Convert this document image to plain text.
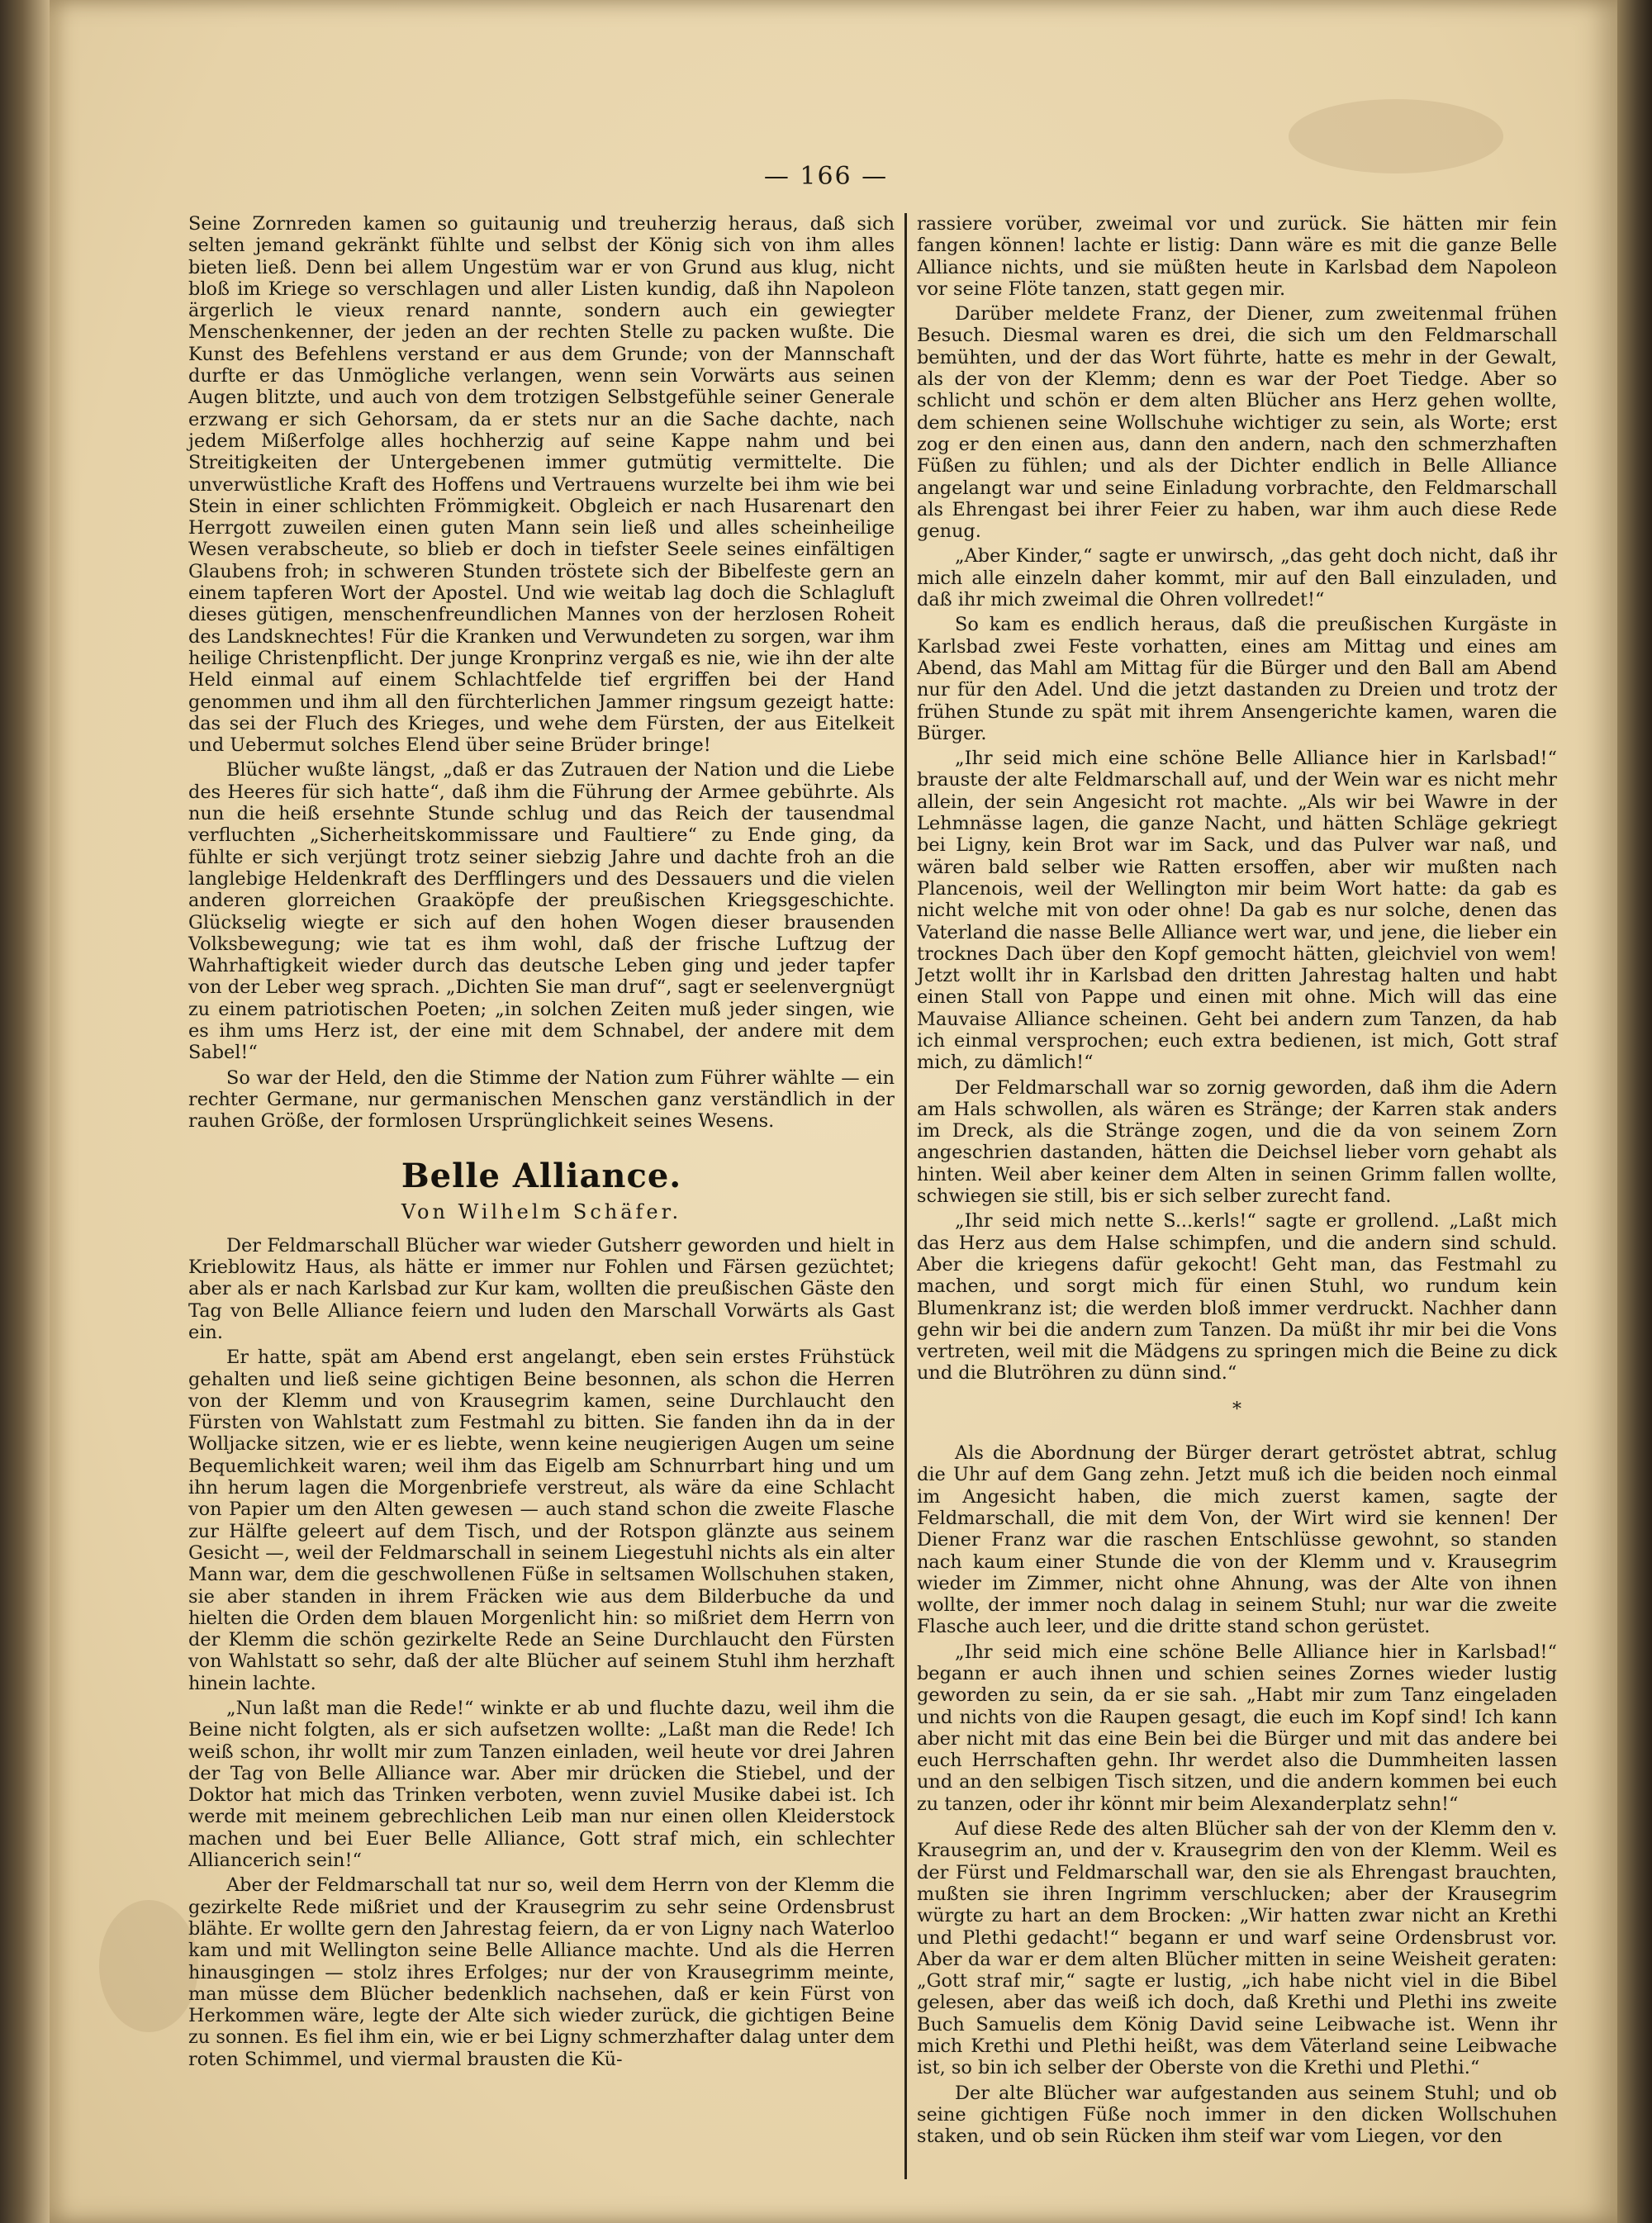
— 166 —

Seine Zornreden kamen so guitaunig und treuherzig heraus, daß sich selten jemand gekränkt fühlte und selbst der König sich von ihm alles bieten ließ. Denn bei allem Ungestüm war er von Grund aus klug, nicht bloß im Kriege so verschlagen und aller Listen kundig, daß ihn Napoleon ärgerlich le vieux renard nannte, sondern auch ein gewiegter Menschenkenner, der jeden an der rechten Stelle zu packen wußte. Die Kunst des Befehlens verstand er aus dem Grunde; von der Mannschaft durfte er das Unmögliche verlangen, wenn sein Vorwärts aus seinen Augen blitzte, und auch von dem trotzigen Selbstgefühle seiner Generale erzwang er sich Gehorsam, da er stets nur an die Sache dachte, nach jedem Mißerfolge alles hochherzig auf seine Kappe nahm und bei Streitigkeiten der Untergebenen immer gutmütig vermittelte. Die unverwüstliche Kraft des Hoffens und Vertrauens wurzelte bei ihm wie bei Stein in einer schlichten Frömmigkeit. Obgleich er nach Husarenart den Herrgott zuweilen einen guten Mann sein ließ und alles scheinheilige Wesen verabscheute, so blieb er doch in tiefster Seele seines einfältigen Glaubens froh; in schweren Stunden tröstete sich der Bibelfeste gern an einem tapferen Wort der Apostel. Und wie weitab lag doch die Schlagluft dieses gütigen, menschenfreundlichen Mannes von der herzlosen Roheit des Landsknechtes! Für die Kranken und Verwundeten zu sorgen, war ihm heilige Christenpflicht. Der junge Kronprinz vergaß es nie, wie ihn der alte Held einmal auf einem Schlachtfelde tief ergriffen bei der Hand genommen und ihm all den fürchterlichen Jammer ringsum gezeigt hatte: das sei der Fluch des Krieges, und wehe dem Fürsten, der aus Eitelkeit und Uebermut solches Elend über seine Brüder bringe!

Blücher wußte längst, „daß er das Zutrauen der Nation und die Liebe des Heeres für sich hatte“, daß ihm die Führung der Armee gebührte. Als nun die heiß ersehnte Stunde schlug und das Reich der tausendmal verfluchten „Sicherheitskommissare und Faultiere“ zu Ende ging, da fühlte er sich verjüngt trotz seiner siebzig Jahre und dachte froh an die langlebige Heldenkraft des Derfflingers und des Dessauers und die vielen anderen glorreichen Graaköpfe der preußischen Kriegsgeschichte. Glückselig wiegte er sich auf den hohen Wogen dieser brausenden Volksbewegung; wie tat es ihm wohl, daß der frische Luftzug der Wahrhaftigkeit wieder durch das deutsche Leben ging und jeder tapfer von der Leber weg sprach. „Dichten Sie man druf“, sagt er seelenvergnügt zu einem patriotischen Poeten; „in solchen Zeiten muß jeder singen, wie es ihm ums Herz ist, der eine mit dem Schnabel, der andere mit dem Sabel!“

So war der Held, den die Stimme der Nation zum Führer wählte — ein rechter Germane, nur germanischen Menschen ganz verständlich in der rauhen Größe, der formlosen Ursprünglichkeit seines Wesens.

Belle Alliance.
Von Wilhelm Schäfer.

Der Feldmarschall Blücher war wieder Gutsherr geworden und hielt in Krieblowitz Haus, als hätte er immer nur Fohlen und Färsen gezüchtet; aber als er nach Karlsbad zur Kur kam, wollten die preußischen Gäste den Tag von Belle Alliance feiern und luden den Marschall Vorwärts als Gast ein.

Er hatte, spät am Abend erst angelangt, eben sein erstes Frühstück gehalten und ließ seine gichtigen Beine besonnen, als schon die Herren von der Klemm und von Krausegrim kamen, seine Durchlaucht den Fürsten von Wahlstatt zum Festmahl zu bitten. Sie fanden ihn da in der Wolljacke sitzen, wie er es liebte, wenn keine neugierigen Augen um seine Bequemlichkeit waren; weil ihm das Eigelb am Schnurrbart hing und um ihn herum lagen die Morgenbriefe verstreut, als wäre da eine Schlacht von Papier um den Alten gewesen — auch stand schon die zweite Flasche zur Hälfte geleert auf dem Tisch, und der Rotspon glänzte aus seinem Gesicht —, weil der Feldmarschall in seinem Liegestuhl nichts als ein alter Mann war, dem die geschwollenen Füße in seltsamen Wollschuhen staken, sie aber standen in ihrem Fräcken wie aus dem Bilderbuche da und hielten die Orden dem blauen Morgenlicht hin: so mißriet dem Herrn von der Klemm die schön gezirkelte Rede an Seine Durchlaucht den Fürsten von Wahlstatt so sehr, daß der alte Blücher auf seinem Stuhl ihm herzhaft hinein lachte.

„Nun laßt man die Rede!“ winkte er ab und fluchte dazu, weil ihm die Beine nicht folgten, als er sich aufsetzen wollte: „Laßt man die Rede! Ich weiß schon, ihr wollt mir zum Tanzen einladen, weil heute vor drei Jahren der Tag von Belle Alliance war. Aber mir drücken die Stiebel, und der Doktor hat mich das Trinken verboten, wenn zuviel Musike dabei ist. Ich werde mit meinem gebrechlichen Leib man nur einen ollen Kleiderstock machen und bei Euer Belle Alliance, Gott straf mich, ein schlechter Alliancerich sein!“

Aber der Feldmarschall tat nur so, weil dem Herrn von der Klemm die gezirkelte Rede mißriet und der Krausegrim zu sehr seine Ordensbrust blähte. Er wollte gern den Jahrestag feiern, da er von Ligny nach Waterloo kam und mit Wellington seine Belle Alliance machte. Und als die Herren hinausgingen — stolz ihres Erfolges; nur der von Krausegrimm meinte, man müsse dem Blücher bedenklich nachsehen, daß er kein Fürst von Herkommen wäre, legte der Alte sich wieder zurück, die gichtigen Beine zu sonnen. Es fiel ihm ein, wie er bei Ligny schmerzhafter dalag unter dem roten Schimmel, und viermal brausten die Kü-

rassiere vorüber, zweimal vor und zurück. Sie hätten mir fein fangen können! lachte er listig: Dann wäre es mit die ganze Belle Alliance nichts, und sie müßten heute in Karlsbad dem Napoleon vor seine Flöte tanzen, statt gegen mir.

Darüber meldete Franz, der Diener, zum zweitenmal frühen Besuch. Diesmal waren es drei, die sich um den Feldmarschall bemühten, und der das Wort führte, hatte es mehr in der Gewalt, als der von der Klemm; denn es war der Poet Tiedge. Aber so schlicht und schön er dem alten Blücher ans Herz gehen wollte, dem schienen seine Wollschuhe wichtiger zu sein, als Worte; erst zog er den einen aus, dann den andern, nach den schmerzhaften Füßen zu fühlen; und als der Dichter endlich in Belle Alliance angelangt war und seine Einladung vorbrachte, den Feldmarschall als Ehrengast bei ihrer Feier zu haben, war ihm auch diese Rede genug.

„Aber Kinder,“ sagte er unwirsch, „das geht doch nicht, daß ihr mich alle einzeln daher kommt, mir auf den Ball einzuladen, und daß ihr mich zweimal die Ohren vollredet!“

So kam es endlich heraus, daß die preußischen Kurgäste in Karlsbad zwei Feste vorhatten, eines am Mittag und eines am Abend, das Mahl am Mittag für die Bürger und den Ball am Abend nur für den Adel. Und die jetzt dastanden zu Dreien und trotz der frühen Stunde zu spät mit ihrem Ansengerichte kamen, waren die Bürger.

„Ihr seid mich eine schöne Belle Alliance hier in Karlsbad!“ brauste der alte Feldmarschall auf, und der Wein war es nicht mehr allein, der sein Angesicht rot machte. „Als wir bei Wawre in der Lehmnässe lagen, die ganze Nacht, und hätten Schläge gekriegt bei Ligny, kein Brot war im Sack, und das Pulver war naß, und wären bald selber wie Ratten ersoffen, aber wir mußten nach Plancenois, weil der Wellington mir beim Wort hatte: da gab es nicht welche mit von oder ohne! Da gab es nur solche, denen das Vaterland die nasse Belle Alliance wert war, und jene, die lieber ein trocknes Dach über den Kopf gemocht hätten, gleichviel von wem! Jetzt wollt ihr in Karlsbad den dritten Jahrestag halten und habt einen Stall von Pappe und einen mit ohne. Mich will das eine Mauvaise Alliance scheinen. Geht bei andern zum Tanzen, da hab ich einmal versprochen; euch extra bedienen, ist mich, Gott straf mich, zu dämlich!“

Der Feldmarschall war so zornig geworden, daß ihm die Adern am Hals schwollen, als wären es Stränge; der Karren stak anders im Dreck, als die Stränge zogen, und die da von seinem Zorn angeschrien dastanden, hätten die Deichsel lieber vorn gehabt als hinten. Weil aber keiner dem Alten in seinen Grimm fallen wollte, schwiegen sie still, bis er sich selber zurecht fand.

„Ihr seid mich nette S...kerls!“ sagte er grollend. „Laßt mich das Herz aus dem Halse schimpfen, und die andern sind schuld. Aber die kriegens dafür gekocht! Geht man, das Festmahl zu machen, und sorgt mich für einen Stuhl, wo rundum kein Blumenkranz ist; die werden bloß immer verdruckt. Nachher dann gehn wir bei die andern zum Tanzen. Da müßt ihr mir bei die Vons vertreten, weil mit die Mädgens zu springen mich die Beine zu dick und die Blutröhren zu dünn sind.“

*

Als die Abordnung der Bürger derart getröstet abtrat, schlug die Uhr auf dem Gang zehn. Jetzt muß ich die beiden noch einmal im Angesicht haben, die mich zuerst kamen, sagte der Feldmarschall, die mit dem Von, der Wirt wird sie kennen! Der Diener Franz war die raschen Entschlüsse gewohnt, so standen nach kaum einer Stunde die von der Klemm und v. Krausegrim wieder im Zimmer, nicht ohne Ahnung, was der Alte von ihnen wollte, der immer noch dalag in seinem Stuhl; nur war die zweite Flasche auch leer, und die dritte stand schon gerüstet.

„Ihr seid mich eine schöne Belle Alliance hier in Karlsbad!“ begann er auch ihnen und schien seines Zornes wieder lustig geworden zu sein, da er sie sah. „Habt mir zum Tanz eingeladen und nichts von die Raupen gesagt, die euch im Kopf sind! Ich kann aber nicht mit das eine Bein bei die Bürger und mit das andere bei euch Herrschaften gehn. Ihr werdet also die Dummheiten lassen und an den selbigen Tisch sitzen, und die andern kommen bei euch zu tanzen, oder ihr könnt mir beim Alexanderplatz sehn!“

Auf diese Rede des alten Blücher sah der von der Klemm den v. Krausegrim an, und der v. Krausegrim den von der Klemm. Weil es der Fürst und Feldmarschall war, den sie als Ehrengast brauchten, mußten sie ihren Ingrimm verschlucken; aber der Krausegrim würgte zu hart an dem Brocken: „Wir hatten zwar nicht an Krethi und Plethi gedacht!“ begann er und warf seine Ordensbrust vor. Aber da war er dem alten Blücher mitten in seine Weisheit geraten: „Gott straf mir,“ sagte er lustig, „ich habe nicht viel in die Bibel gelesen, aber das weiß ich doch, daß Krethi und Plethi ins zweite Buch Samuelis dem König David seine Leibwache ist. Wenn ihr mich Krethi und Plethi heißt, was dem Väterland seine Leibwache ist, so bin ich selber der Oberste von die Krethi und Plethi.“

Der alte Blücher war aufgestanden aus seinem Stuhl; und ob seine gichtigen Füße noch immer in den dicken Wollschuhen staken, und ob sein Rücken ihm steif war vom Liegen, vor den
